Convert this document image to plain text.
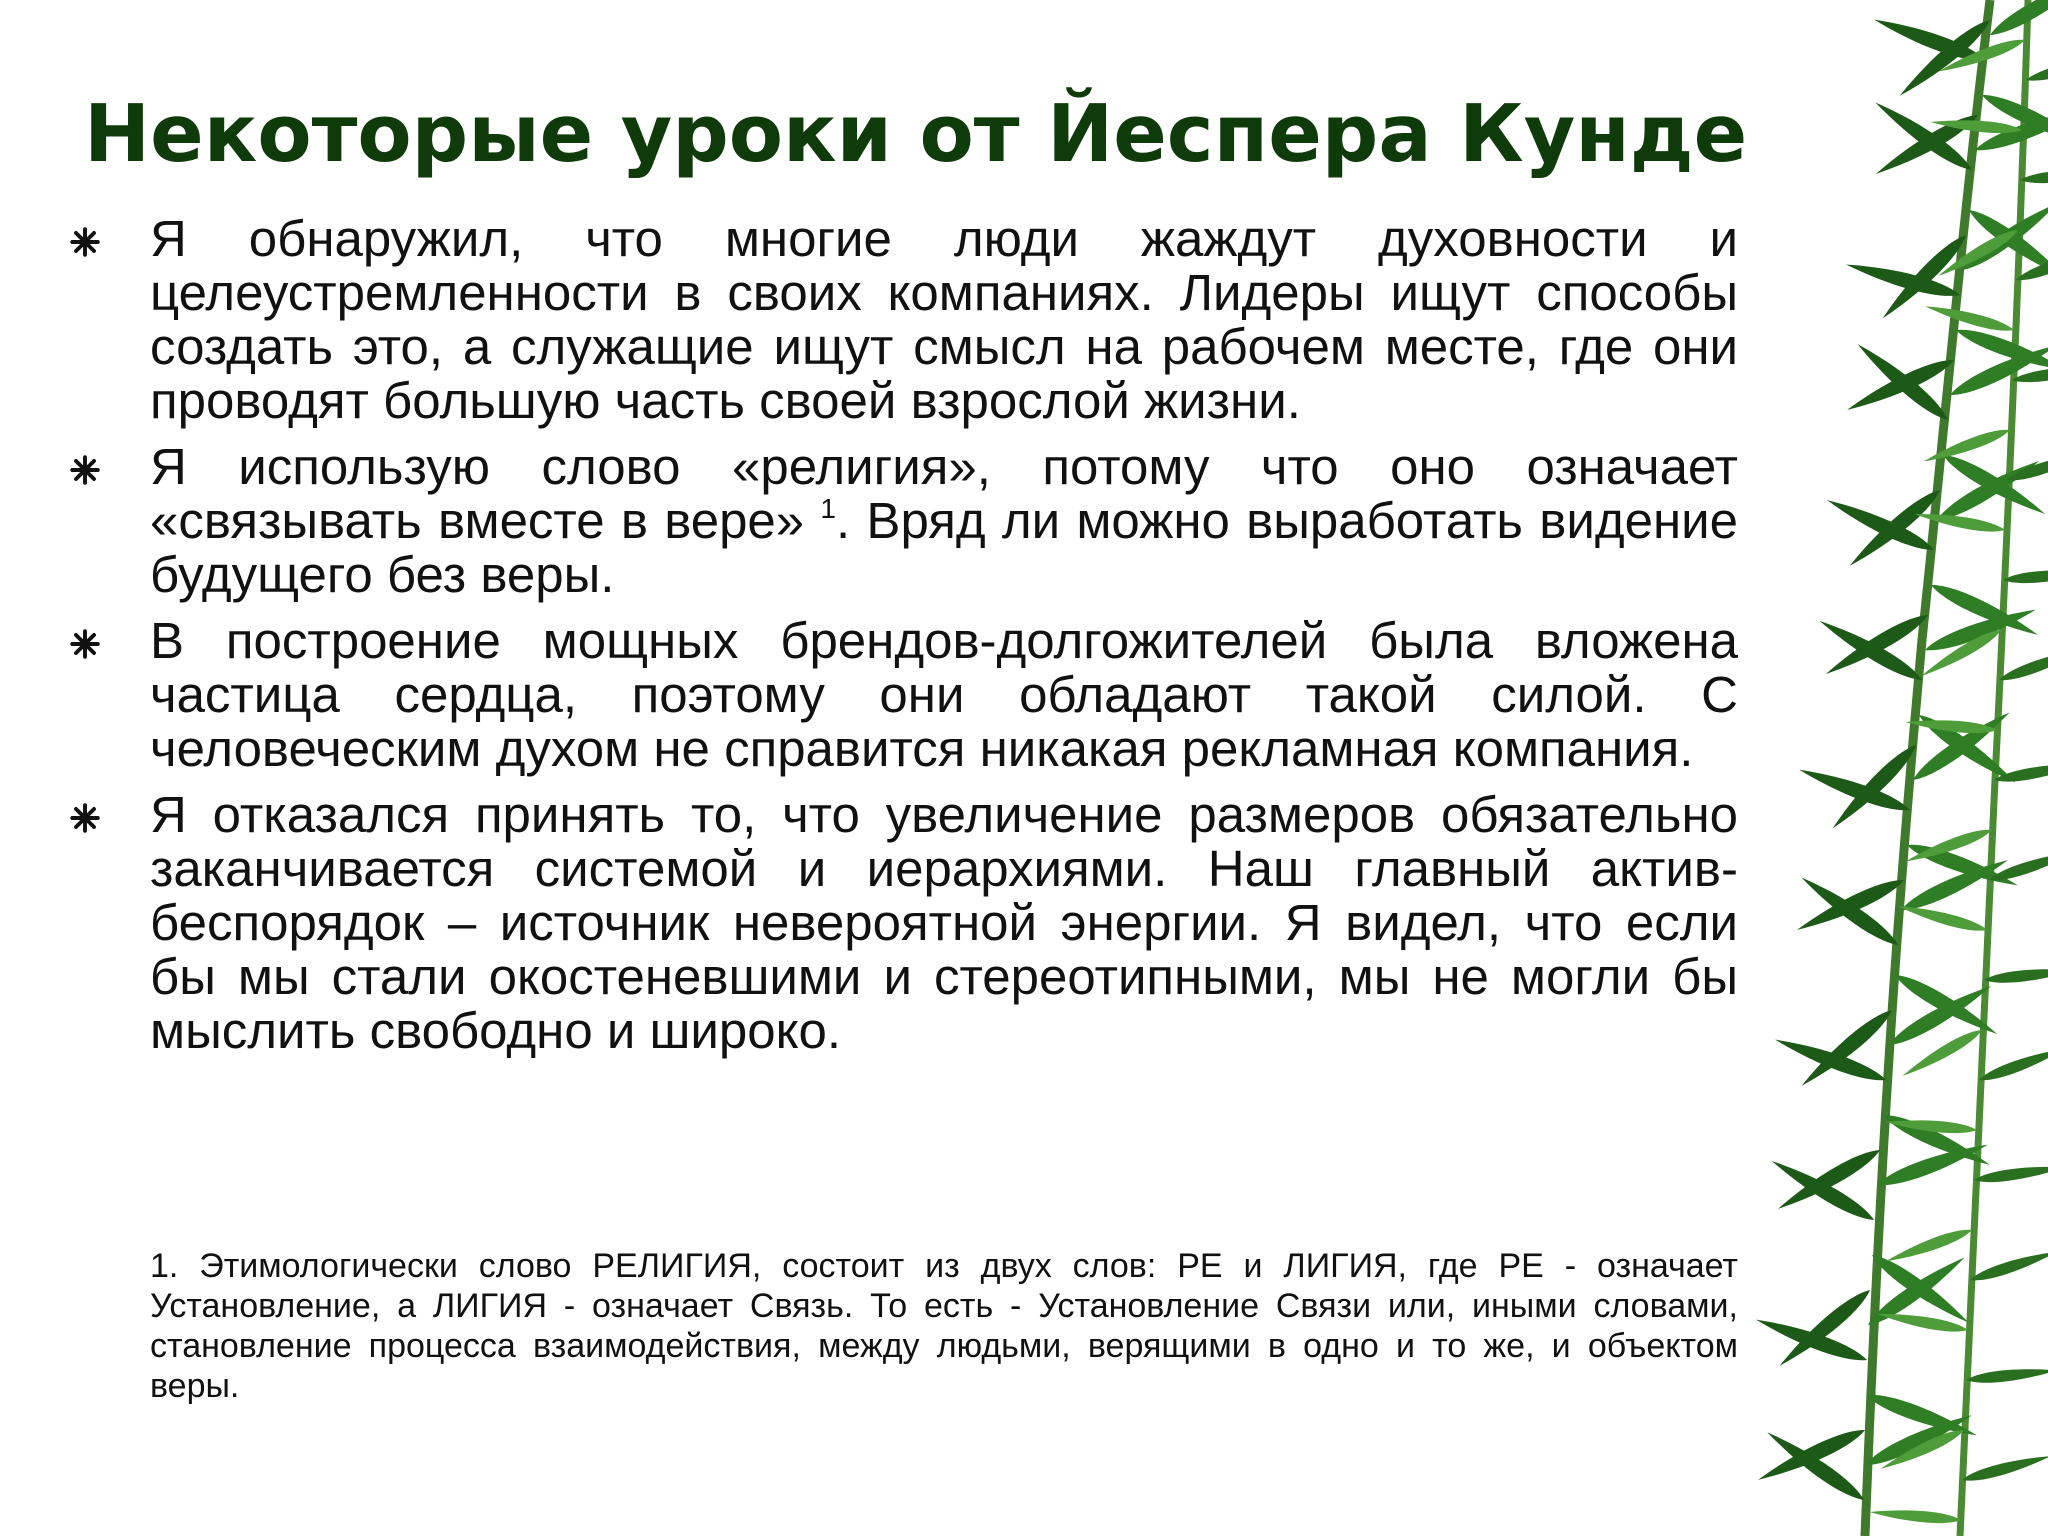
Некоторые уроки от Йеспера Кунде
Я обнаружил, что многие люди жаждут духовности и целеустремленности в своих компаниях. Лидеры ищут способы создать это, а служащие ищут смысл на рабочем месте, где они проводят большую часть своей взрослой жизни.
Я использую слово «религия», потому что оно означает «связывать вместе в вере» $^1$. Вряд ли можно выработать видение будущего без веры.
В построение мощных брендов-долгожителей была вложена частица сердца, поэтому они обладают такой силой. С человеческим духом не справится никакая рекламная компания.
Я отказался принять то, что увеличение размеров обязательно заканчивается системой и иерархиями. Наш главный актив- беспорядок – источник невероятной энергии. Я видел, что если бы мы стали окостеневшими и стереотипными, мы не могли бы мыслить свободно и широко.

1. Этимологически слово РЕЛИГИЯ, состоит из двух слов: РЕ и ЛИГИЯ, где РЕ - означает Установление, а ЛИГИЯ - означает Связь. То есть - Установление Связи или, иными словами, становление процесса взаимодействия, между людьми, верящими в одно и то же, и объектом веры.
